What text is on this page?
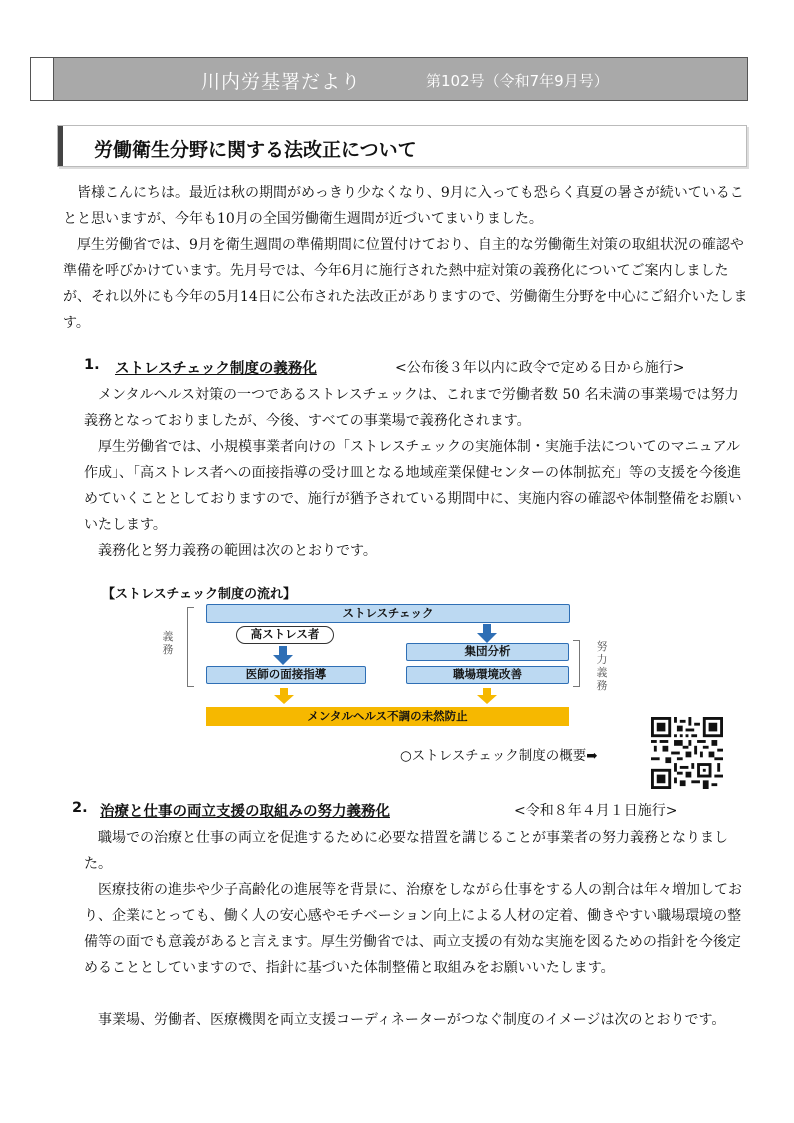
川内労基署だより	第102号（令和7年9月号）
労働衛生分野に関する法改正について

皆様こんにちは。最近は秋の期間がめっきり少なくなり、9月に入っても恐らく真夏の暑さが続いていることと思いますが、今年も10月の全国労働衛生週間が近づいてまいりました。

厚生労働省では、9月を衛生週間の準備期間に位置付けており、自主的な労働衛生対策の取組状況の確認や準備を呼びかけています。先月号では、今年6月に施行された熱中症対策の義務化についてご案内しましたが、それ以外にも今年の5月14日に公布された法改正がありますので、労働衛生分野を中心にご紹介いたします。

1. ストレスチェック制度の義務化	<公布後３年以内に政令で定める日から施行>

メンタルヘルス対策の一つであるストレスチェックは、これまで労働者数 50 名未満の事業場では努力義務となっておりましたが、今後、すべての事業場で義務化されます。

厚生労働省では、小規模事業者向けの「ストレスチェックの実施体制・実施手法についてのマニュアル作成」、「高ストレス者への面接指導の受け皿となる地域産業保健センターの体制拡充」等の支援を今後進めていくこととしておりますので、施行が猶予されている期間中に、実施内容の確認や体制整備をお願いいたします。

義務化と努力義務の範囲は次のとおりです。

【ストレスチェック制度の流れ】
義務	努力義務
ストレスチェック
高ストレス者
集団分析
医師の面接指導	職場環境改善
メンタルヘルス不調の未然防止
○ストレスチェック制度の概要➡
2. 治療と仕事の両立支援の取組みの努力義務化	<令和８年４月１日施行>

職場での治療と仕事の両立を促進するために必要な措置を講じることが事業者の努力義務となりました。

医療技術の進歩や少子高齢化の進展等を背景に、治療をしながら仕事をする人の割合は年々増加しており、企業にとっても、働く人の安心感やモチベーション向上による人材の定着、働きやすい職場環境の整備等の面でも意義があると言えます。厚生労働省では、両立支援の有効な実施を図るための指針を今後定めることとしていますので、指針に基づいた体制整備と取組みをお願いいたします。

事業場、労働者、医療機関を両立支援コーディネーターがつなぐ制度のイメージは次のとおりです。
